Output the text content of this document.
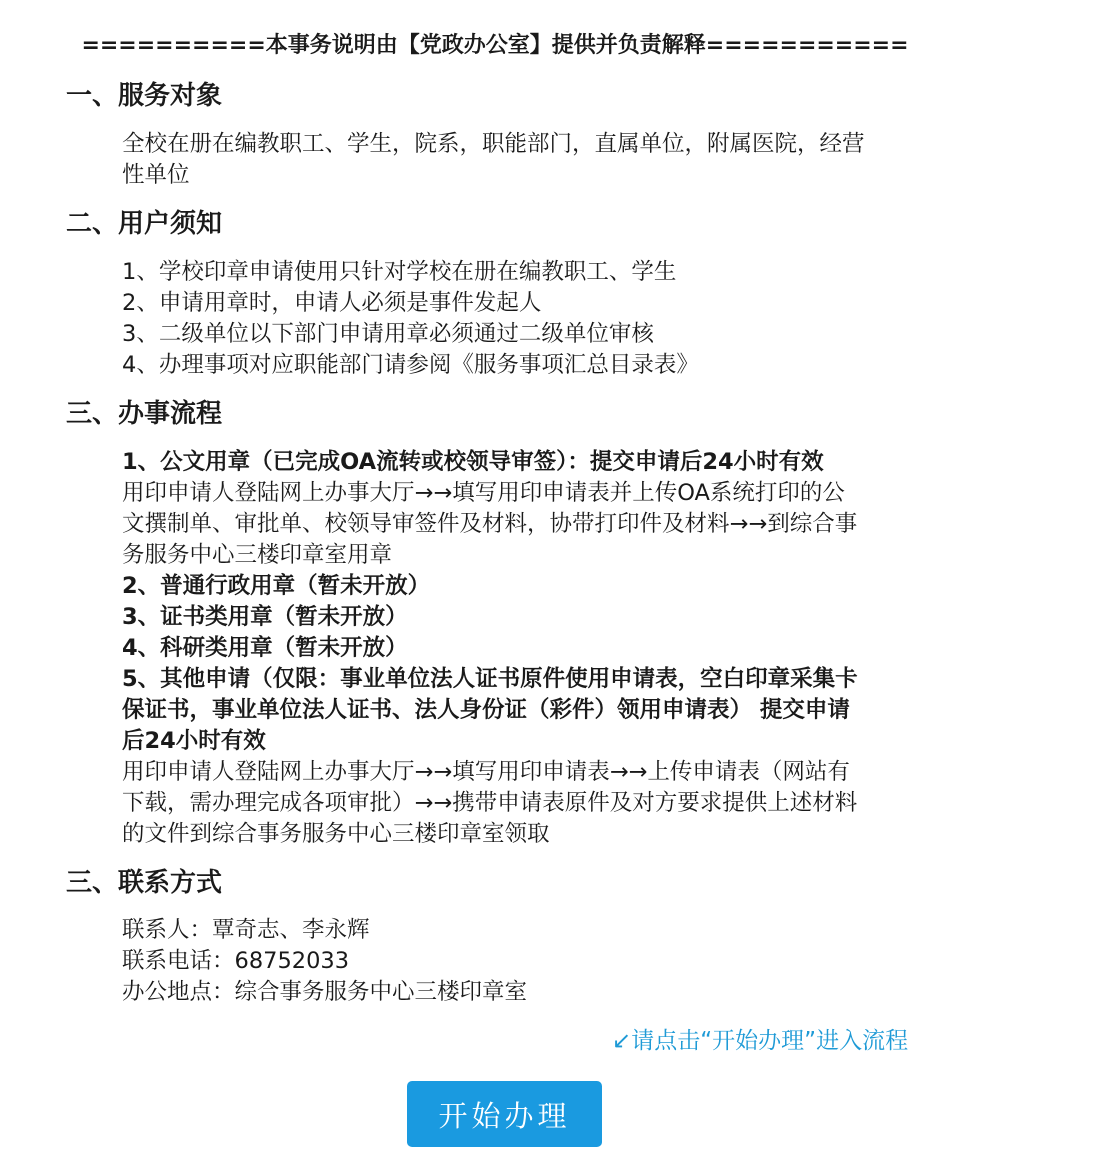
==========本事务说明由【党政办公室】提供并负责解释===========
一、服务对象
全校在册在编教职工、学生，院系，职能部门，直属单位，附属医院，经营
性单位
二、用户须知
1、学校印章申请使用只针对学校在册在编教职工、学生
2、申请用章时，申请人必须是事件发起人
3、二级单位以下部门申请用章必须通过二级单位审核
4、办理事项对应职能部门请参阅《服务事项汇总目录表》
三、办事流程
1、公文用章（已完成OA流转或校领导审签）：提交申请后24小时有效
用印申请人登陆网上办事大厅→→填写用印申请表并上传OA系统打印的公
文撰制单、审批单、校领导审签件及材料，协带打印件及材料→→到综合事
务服务中心三楼印章室用章
2、普通行政用章（暂未开放）
3、证书类用章（暂未开放）
4、科研类用章（暂未开放）
5、其他申请（仅限：事业单位法人证书原件使用申请表，空白印章采集卡
保证书，事业单位法人证书、法人身份证（彩件）领用申请表） 提交申请
后24小时有效
用印申请人登陆网上办事大厅→→填写用印申请表→→上传申请表（网站有
下载，需办理完成各项审批）→→携带申请表原件及对方要求提供上述材料
的文件到综合事务服务中心三楼印章室领取
三、联系方式
联系人：覃奇志、李永辉
联系电话：68752033
办公地点：综合事务服务中心三楼印章室
↙请点击“开始办理”进入流程
开始办理
